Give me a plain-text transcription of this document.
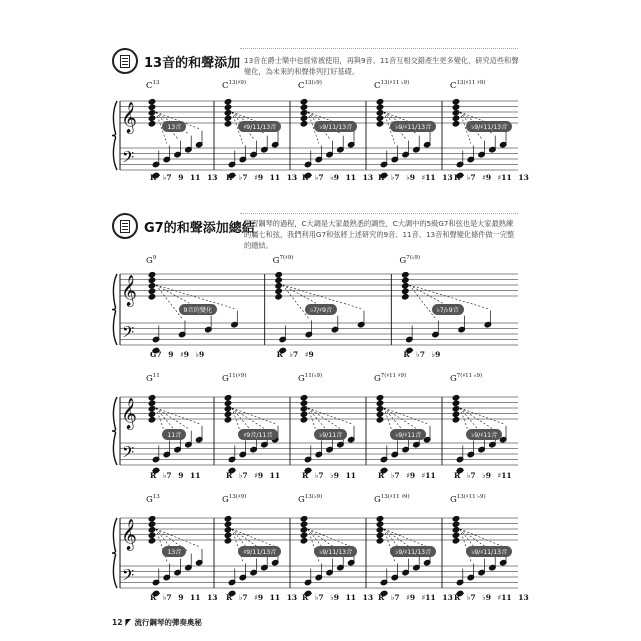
13音的和聲添加 13音在爵士樂中也經常被使用，再與9音、11音互相交錯產生更多變化，研究這些和聲變化，為未來的和聲排列打好基礎。
G7的和聲添加總結
學習鋼琴的過程，C大調是大家最熟悉的調性，C大調中的5級G7和弦也是大家最熟練的屬七和弦，我們利用G7和弦將上述研究的9音、11音、13音和聲變化條件做一完整的總結。
𝄞
𝄢
𝄞
𝄢
𝄞
𝄢
𝄞
𝄢
12 流行鋼琴的彈奏奧秘
$C^{13}$
13音
R ♭7 9 11 13
$C^{13(♯9)}$
♯9/11/13音
R ♭7 ♯9 11 13
$C^{13(♭9)}$
♭9/11/13音
R ♭7 ♭9 11 13
$C^{13(♯11 ♭9)}$
♭9/♯11/13音
R ♭7 ♭9 ♯11 13
$C^{13(♯11 ♯9)}$
♭9/♯11/13音
R ♭7 ♯9 ♯11 13
$G^9$
9音的變化
G7 9 ♯9 ♭9
$G^{7(♯9)}$
♭7/♯9音
R ♭7 ♯9
$G^{7(♭9)}$
♭7/♭9音
R ♭7 ♭9
$G^{11}$
11音
R ♭7 9 11
$G^{11(♯9)}$
♯9音/11音
R ♭7 ♯9 11
$G^{11(♭9)}$
♭9/11音
R ♭7 ♭9 11
$G^{7(♯11 ♯9)}$
♭9/♯11音
R ♭7 ♯9 ♯11
$G^{7(♯11 ♭9)}$
♭9/♯11音
R ♭7 ♭9 ♯11
$G^{13}$
13音
R ♭7 9 11 13
$G^{13(♯9)}$
♯9/11/13音
R ♭7 ♯9 11 13
$G^{13(♭9)}$
♭9/11/13音
R ♭7 ♭9 11 13
$G^{13(♯11 ♯9)}$
♭9/♯11/13音
R ♭7 ♯9 ♯11 13
$G^{13(♯11 ♭9)}$
♭9/♯11/13音
R ♭7 ♭9 ♯11 13
